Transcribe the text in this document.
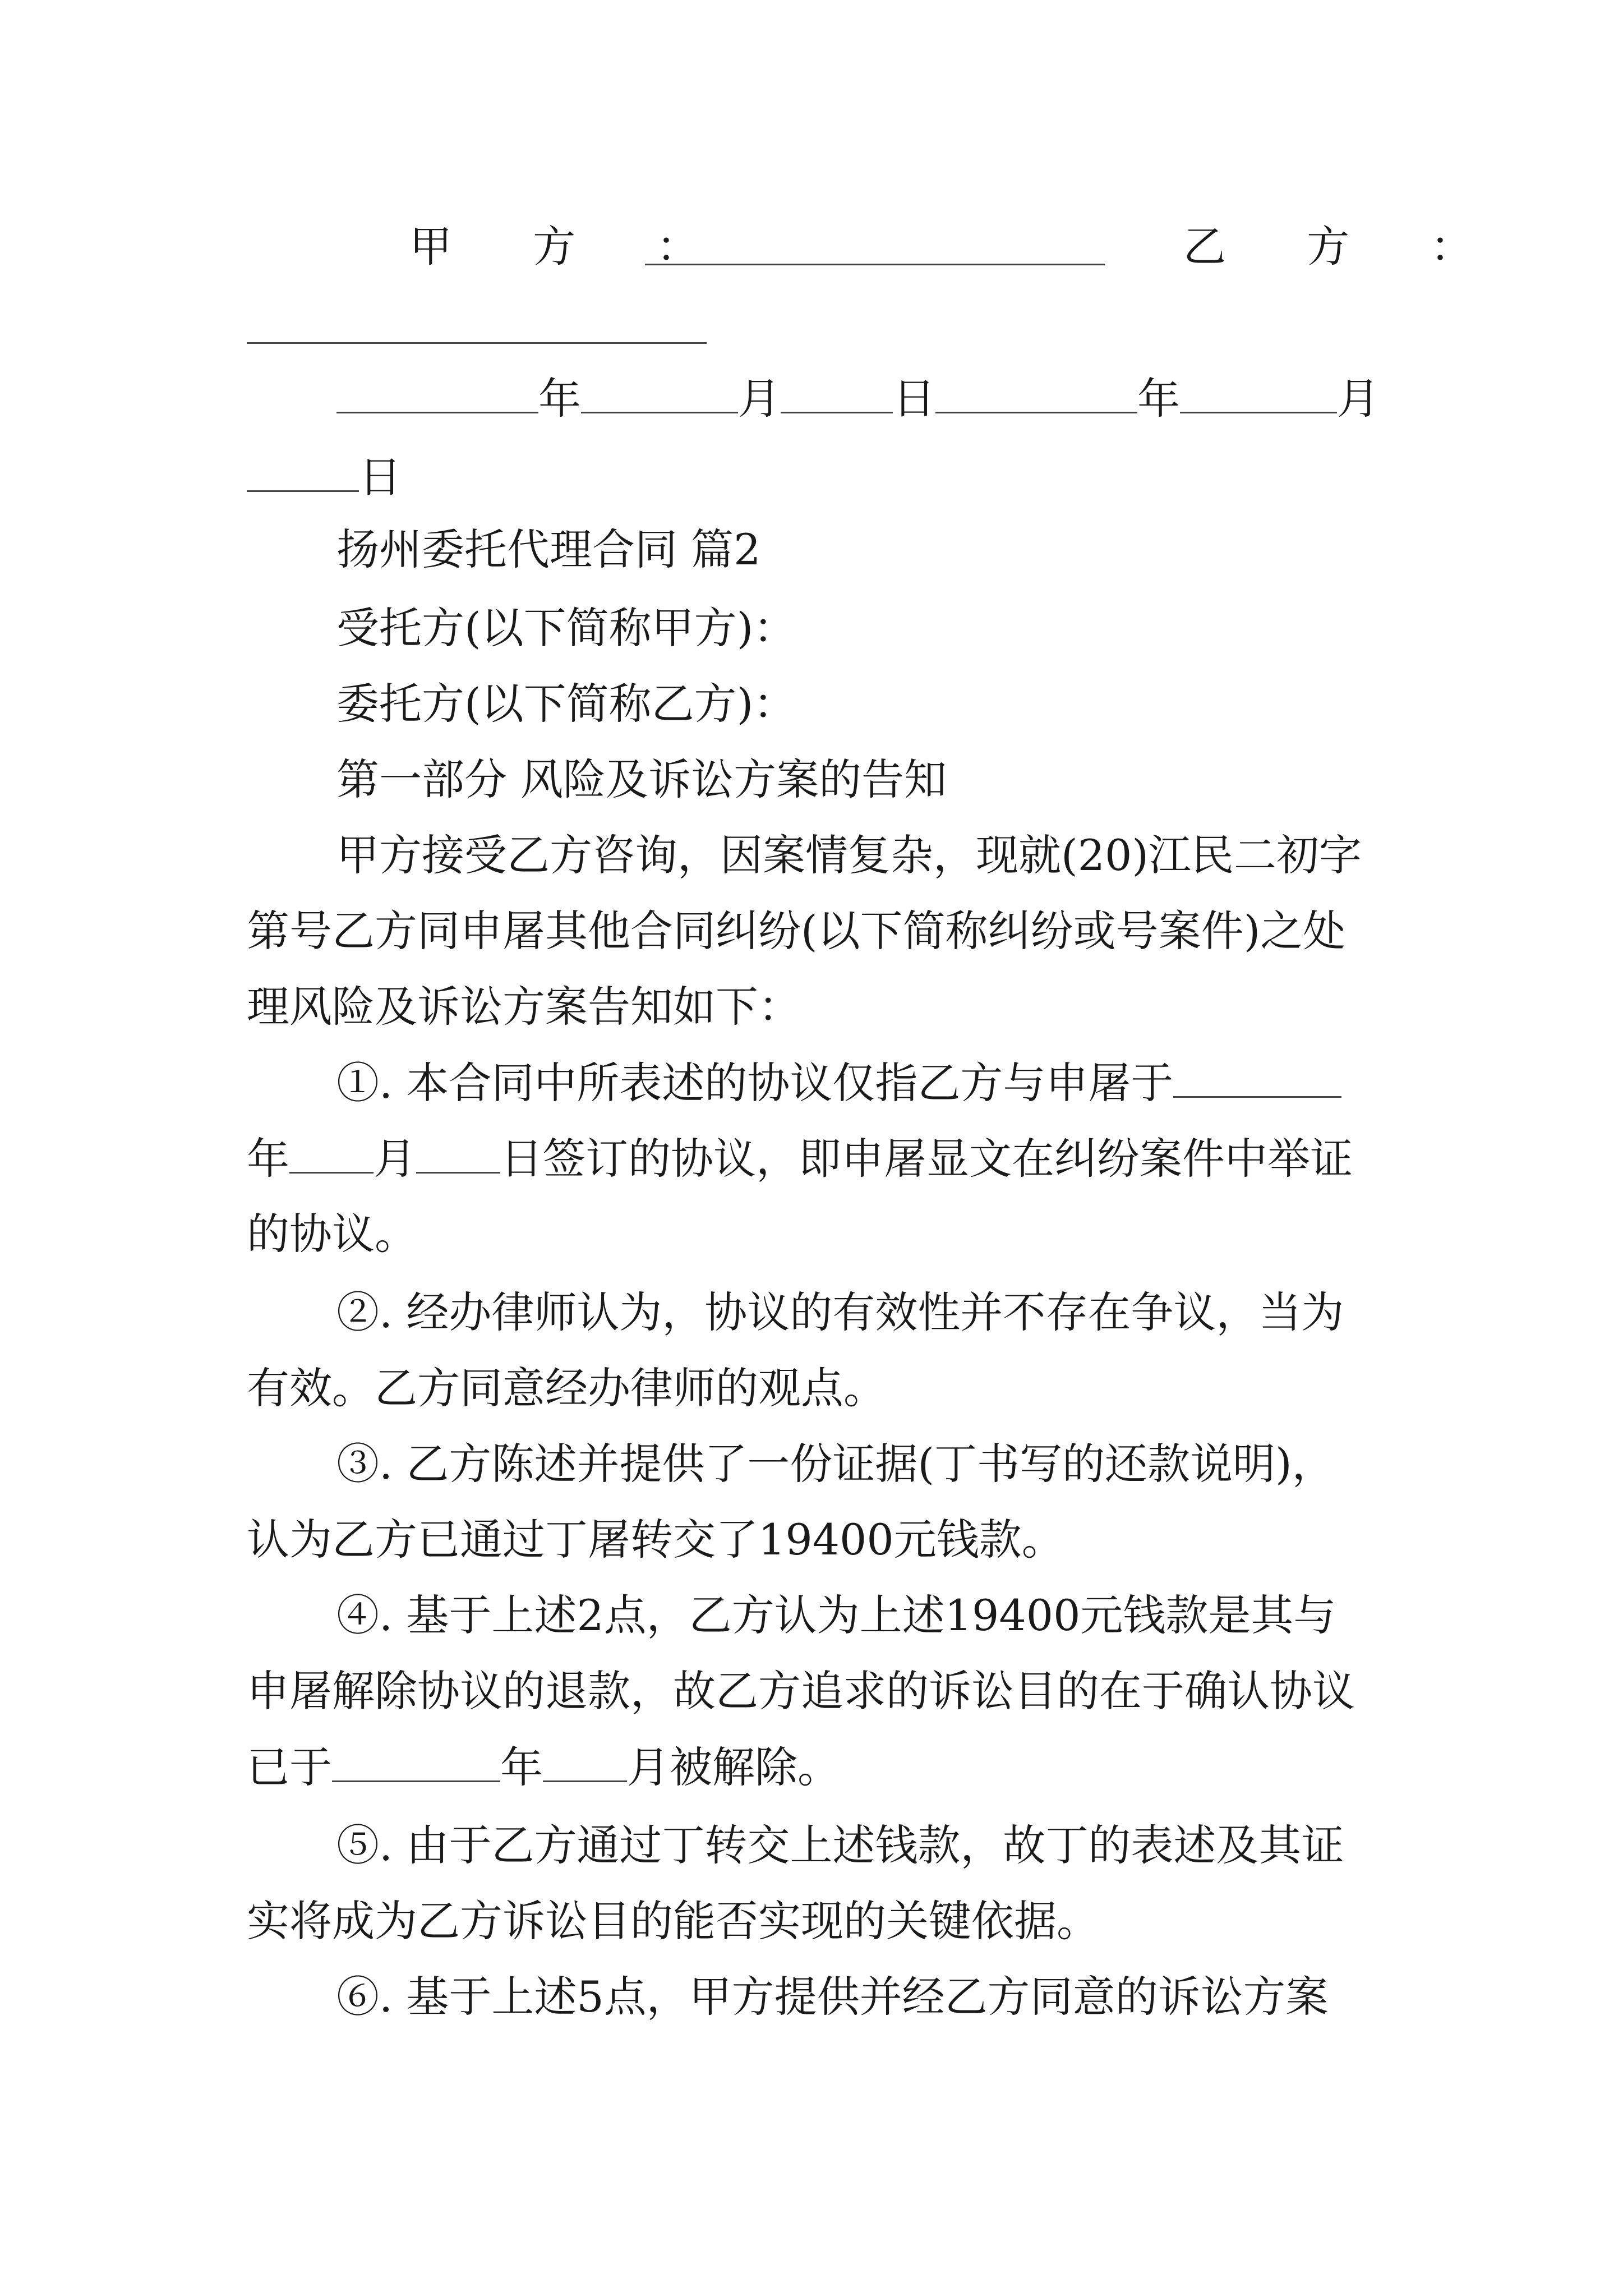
甲 方 ：	乙 方 ：
年	月	日	年	月
日
扬州委托代理合同 篇2
受托方(以下简称甲方)：
委托方(以下简称乙方)：
第一部分 风险及诉讼方案的告知
甲方接受乙方咨询，因案情复杂，现就(20)江民二初字
第号乙方同申屠其他合同纠纷(以下简称纠纷或号案件)之处
理风险及诉讼方案告知如下：
①. 本合同中所表述的协议仅指乙方与申屠于
年 月 日签订的协议，即申屠显文在纠纷案件中举证
的协议。
②. 经办律师认为，协议的有效性并不存在争议，当为
有效。乙方同意经办律师的观点。
③. 乙方陈述并提供了一份证据(丁书写的还款说明)，
认为乙方已通过丁屠转交了19400元钱款。
④. 基于上述2点，乙方认为上述19400元钱款是其与
申屠解除协议的退款，故乙方追求的诉讼目的在于确认协议
已于	年 月被解除。
⑤. 由于乙方通过丁转交上述钱款，故丁的表述及其证
实将成为乙方诉讼目的能否实现的关键依据。
⑥. 基于上述5点，甲方提供并经乙方同意的诉讼方案
